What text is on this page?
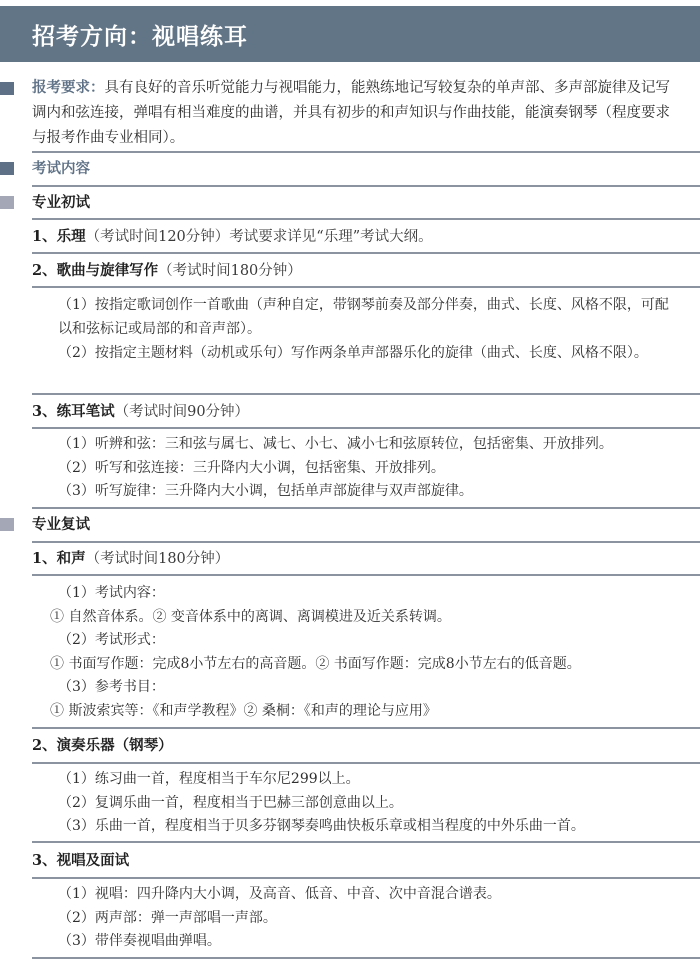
招考方向：视唱练耳
报考要求：具有良好的音乐听觉能力与视唱能力，能熟练地记写较复杂的单声部、多声部旋律及记写调内和弦连接，弹唱有相当难度的曲谱，并具有初步的和声知识与作曲技能，能演奏钢琴（程度要求与报考作曲专业相同）。
考试内容
专业初试
1、乐理（考试时间120分钟）考试要求详见“乐理”考试大纲。
2、歌曲与旋律写作（考试时间180分钟）
（1）按指定歌词创作一首歌曲（声种自定，带钢琴前奏及部分伴奏，曲式、长度、风格不限，可配以和弦标记或局部的和音声部）。
（2）按指定主题材料（动机或乐句）写作两条单声部器乐化的旋律（曲式、长度、风格不限）。
3、练耳笔试（考试时间90分钟）
（1）听辨和弦：三和弦与属七、减七、小七、减小七和弦原转位，包括密集、开放排列。
（2）听写和弦连接：三升降内大小调，包括密集、开放排列。
（3）听写旋律：三升降内大小调，包括单声部旋律与双声部旋律。
专业复试
1、和声（考试时间180分钟）
（1）考试内容：
① 自然音体系。② 变音体系中的离调、离调模进及近关系转调。
（2）考试形式：
① 书面写作题：完成8小节左右的高音题。② 书面写作题：完成8小节左右的低音题。
（3）参考书目：
① 斯波索宾等：《和声学教程》② 桑桐：《和声的理论与应用》
2、演奏乐器（钢琴）
（1）练习曲一首，程度相当于车尔尼299以上。
（2）复调乐曲一首，程度相当于巴赫三部创意曲以上。
（3）乐曲一首，程度相当于贝多芬钢琴奏鸣曲快板乐章或相当程度的中外乐曲一首。
3、视唱及面试
（1）视唱：四升降内大小调，及高音、低音、中音、次中音混合谱表。
（2）两声部：弹一声部唱一声部。
（3）带伴奏视唱曲弹唱。
